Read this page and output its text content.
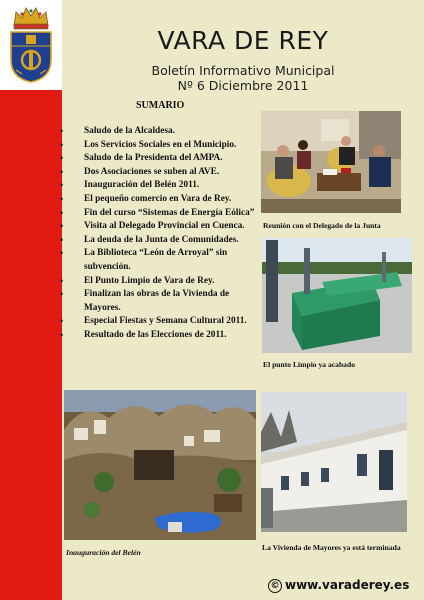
VARA DE REY
Boletín Informativo Municipal
Nº 6 Diciembre 2011
SUMARIO
• Saludo de la Alcaldesa.
• Los Servicios Sociales en el Municipio.
• Saludo de la Presidenta del AMPA.
• Dos Asociaciones se suben al AVE.
• Inauguración del Belén 2011.
• El pequeño comercio en Vara de Rey.
• Fin del curso “Sistemas de Energía Eólica”
• Visita al Delegado Provincial en Cuenca.
• La deuda de la Junta de Comunidades.
• La Biblioteca “León de Arroyal” sin
subvención.
• El Punto Limpio de Vara de Rey.
• Finalizan las obras de la Vivienda de
Mayores.
• Especial Fiestas y Semana Cultural 2011.
• Resultado de las Elecciones de 2011.
Reunión con el Delegado de la Junta
El punto Limpio ya acabado
Inauguración del Belén
La Vivienda de Mayores ya está terminada
© www.varaderey.es
